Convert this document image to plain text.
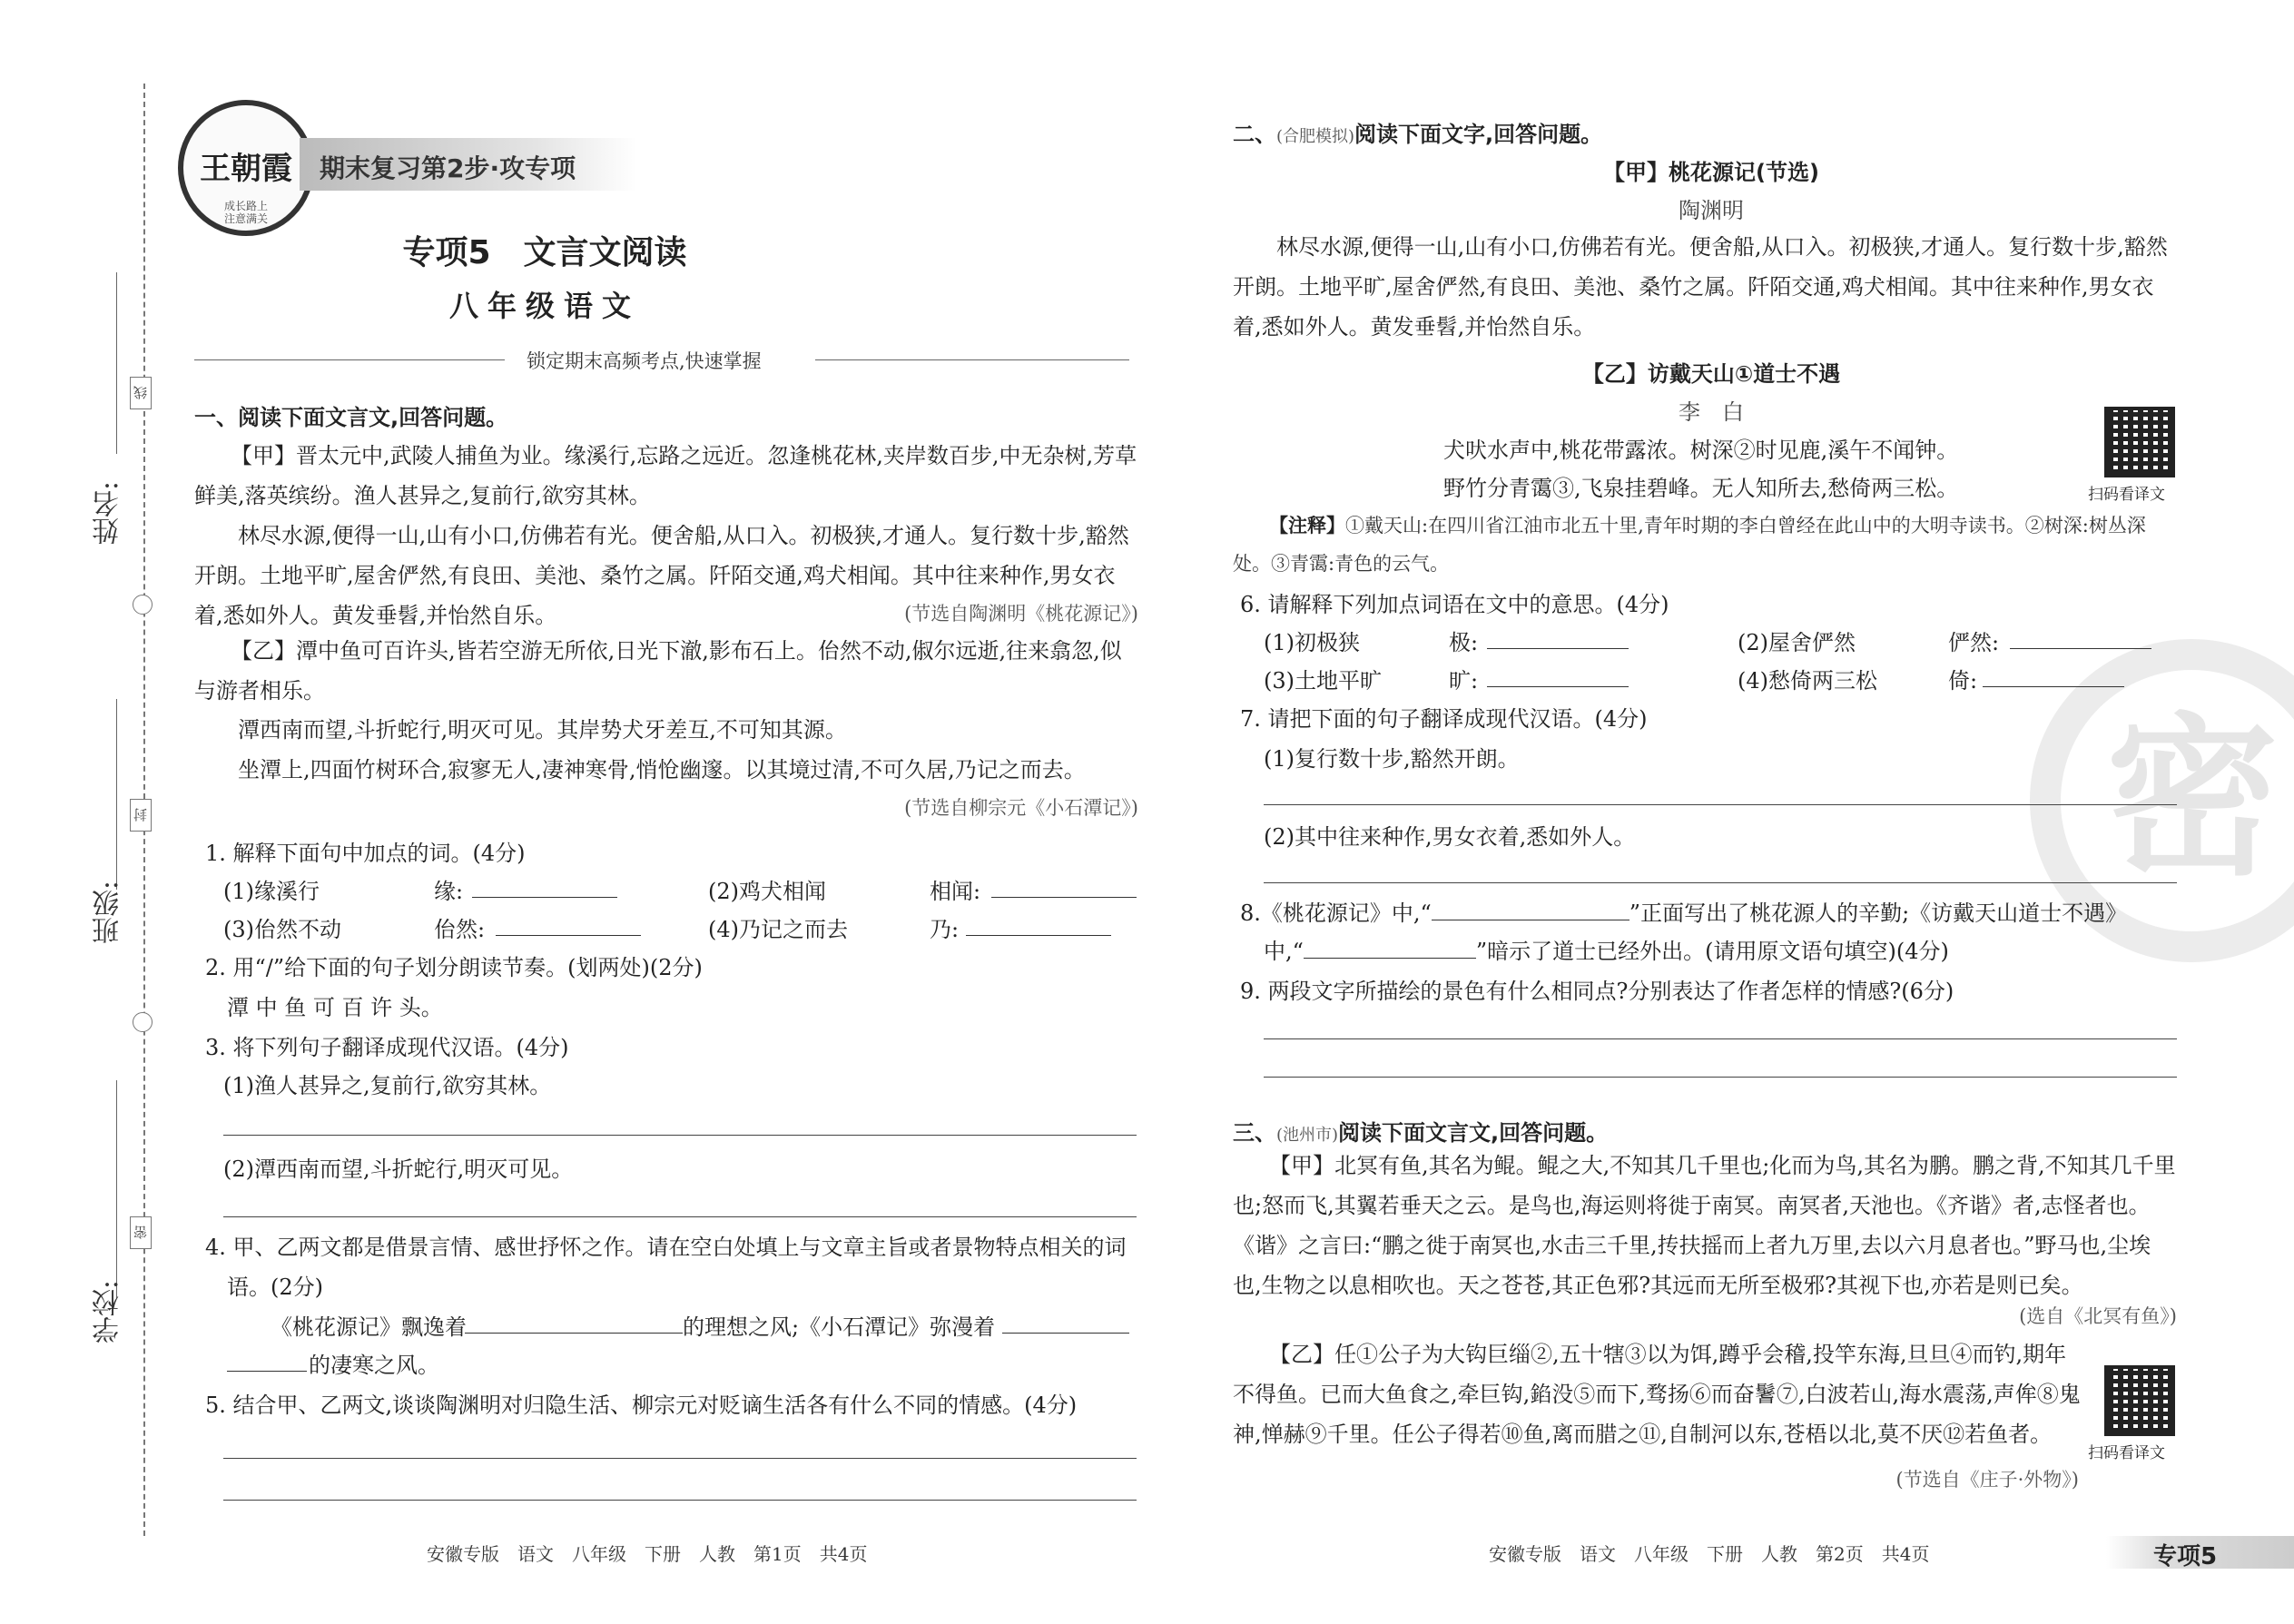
姓名:
班级:
学校:
线
封
密
王朝霞
成长路上
注意满关
期末复习第2步·攻专项
专项5　文言文阅读
八年级语文
锁定期末高频考点,快速掌握
一、阅读下面文言文,回答问题。
【甲】晋太元中,武陵人捕鱼为业。缘溪行,忘路之远近。忽逢桃花林,夹岸数百步,中无杂树,芳草鲜美,落英缤纷。渔人甚异之,复前行,欲穷其林。
林尽水源,便得一山,山有小口,仿佛若有光。便舍船,从口入。初极狭,才通人。复行数十步,豁然开朗。土地平旷,屋舍俨然,有良田、美池、桑竹之属。阡陌交通,鸡犬相闻。其中往来种作,男女衣着,悉如外人。黄发垂髫,并怡然自乐。	(节选自陶渊明《桃花源记》)
【乙】潭中鱼可百许头,皆若空游无所依,日光下澈,影布石上。佁然不动,俶尔远逝,往来翕忽,似与游者相乐。
潭西南而望,斗折蛇行,明灭可见。其岸势犬牙差互,不可知其源。
坐潭上,四面竹树环合,寂寥无人,凄神寒骨,悄怆幽邃。以其境过清,不可久居,乃记之而去。
(节选自柳宗元《小石潭记》)
1. 解释下面句中加点的词。(4分)
(1)缘溪行	缘:	(2)鸡犬相闻	相闻:
(3)佁然不动	佁然:	(4)乃记之而去	乃:
2. 用“/”给下面的句子划分朗读节奏。(划两处)(2分)
潭 中 鱼 可 百 许 头。
3. 将下列句子翻译成现代汉语。(4分)
(1)渔人甚异之,复前行,欲穷其林。
(2)潭西南而望,斗折蛇行,明灭可见。
4. 甲、乙两文都是借景言情、感世抒怀之作。请在空白处填上与文章主旨或者景物特点相关的词语。(2分)
《桃花源记》飘逸着	的理想之风;《小石潭记》弥漫着
的凄寒之风。
5. 结合甲、乙两文,谈谈陶渊明对归隐生活、柳宗元对贬谪生活各有什么不同的情感。(4分)
安徽专版　语文　八年级　下册　人教　第1页　共4页
密
二、(合肥模拟)阅读下面文字,回答问题。
【甲】桃花源记(节选)
陶渊明
林尽水源,便得一山,山有小口,仿佛若有光。便舍船,从口入。初极狭,才通人。复行数十步,豁然开朗。土地平旷,屋舍俨然,有良田、美池、桑竹之属。阡陌交通,鸡犬相闻。其中往来种作,男女衣着,悉如外人。黄发垂髫,并怡然自乐。
【乙】访戴天山①道士不遇
李　白
犬吠水声中,桃花带露浓。树深②时见鹿,溪午不闻钟。
野竹分青霭③,飞泉挂碧峰。无人知所去,愁倚两三松。	扫码看译文
【注释】①戴天山:在四川省江油市北五十里,青年时期的李白曾经在此山中的大明寺读书。②树深:树丛深处。③青霭:青色的云气。
6. 请解释下列加点词语在文中的意思。(4分)
(1)初极狭	极:	(2)屋舍俨然	俨然:
(3)土地平旷	旷:	(4)愁倚两三松	倚:
7. 请把下面的句子翻译成现代汉语。(4分)
(1)复行数十步,豁然开朗。
(2)其中往来种作,男女衣着,悉如外人。
8.《桃花源记》中,“	”正面写出了桃花源人的辛勤;《访戴天山道士不遇》
中,“	”暗示了道士已经外出。(请用原文语句填空)(4分)
9. 两段文字所描绘的景色有什么相同点?分别表达了作者怎样的情感?(6分)
三、(池州市)阅读下面文言文,回答问题。
【甲】北冥有鱼,其名为鲲。鲲之大,不知其几千里也;化而为鸟,其名为鹏。鹏之背,不知其几千里也;怒而飞,其翼若垂天之云。是鸟也,海运则将徙于南冥。南冥者,天池也。《齐谐》者,志怪者也。《谐》之言曰:“鹏之徙于南冥也,水击三千里,抟扶摇而上者九万里,去以六月息者也。”野马也,尘埃也,生物之以息相吹也。天之苍苍,其正色邪?其远而无所至极邪?其视下也,亦若是则已矣。
(选自《北冥有鱼》)
【乙】任①公子为大钩巨缁②,五十犗③以为饵,蹲乎会稽,投竿东海,旦旦④而钓,期年不得鱼。已而大鱼食之,牵巨钩,錎没⑤而下,骛扬⑥而奋鬐⑦,白波若山,海水震荡,声侔⑧鬼神,惮赫⑨千里。任公子得若⑩鱼,离而腊之⑪,自制河以东,苍梧以北,莫不厌⑫若鱼者。
(节选自《庄子·外物》)
扫码看译文
安徽专版　语文　八年级　下册　人教　第2页　共4页	专项5
